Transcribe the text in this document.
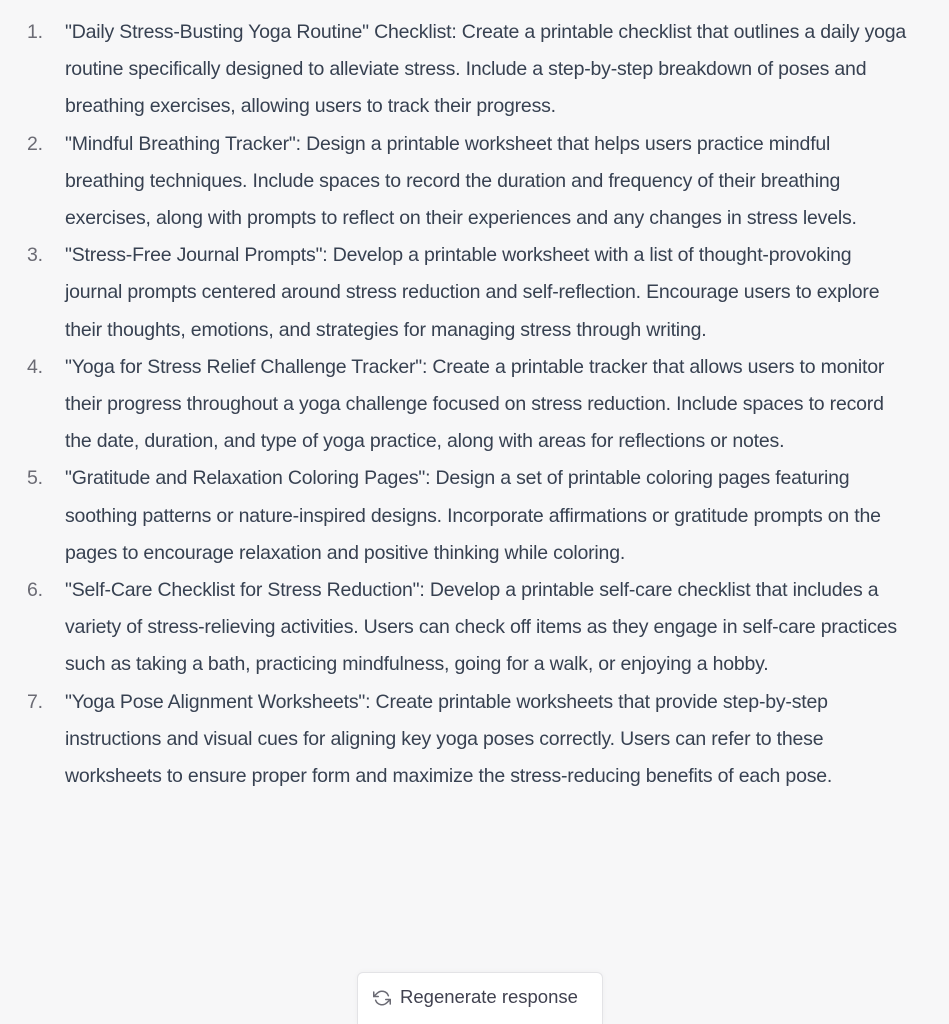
1.	"Daily Stress-Busting Yoga Routine" Checklist: Create a printable checklist that outlines a daily yoga routine specifically designed to alleviate stress. Include a step-by-step breakdown of poses and breathing exercises, allowing users to track their progress.
2.	"Mindful Breathing Tracker": Design a printable worksheet that helps users practice mindful breathing techniques. Include spaces to record the duration and frequency of their breathing exercises, along with prompts to reflect on their experiences and any changes in stress levels.
3.	"Stress-Free Journal Prompts": Develop a printable worksheet with a list of thought-provoking journal prompts centered around stress reduction and self-reflection. Encourage users to explore their thoughts, emotions, and strategies for managing stress through writing.
4.	"Yoga for Stress Relief Challenge Tracker": Create a printable tracker that allows users to monitor their progress throughout a yoga challenge focused on stress reduction. Include spaces to record the date, duration, and type of yoga practice, along with areas for reflections or notes.
5.	"Gratitude and Relaxation Coloring Pages": Design a set of printable coloring pages featuring soothing patterns or nature-inspired designs. Incorporate affirmations or gratitude prompts on the pages to encourage relaxation and positive thinking while coloring.
6.	"Self-Care Checklist for Stress Reduction": Develop a printable self-care checklist that includes a variety of stress-relieving activities. Users can check off items as they engage in self-care practices such as taking a bath, practicing mindfulness, going for a walk, or enjoying a hobby.
7.	"Yoga Pose Alignment Worksheets": Create printable worksheets that provide step-by-step instructions and visual cues for aligning key yoga poses correctly. Users can refer to these worksheets to ensure proper form and maximize the stress-reducing benefits of each pose.
Regenerate response
